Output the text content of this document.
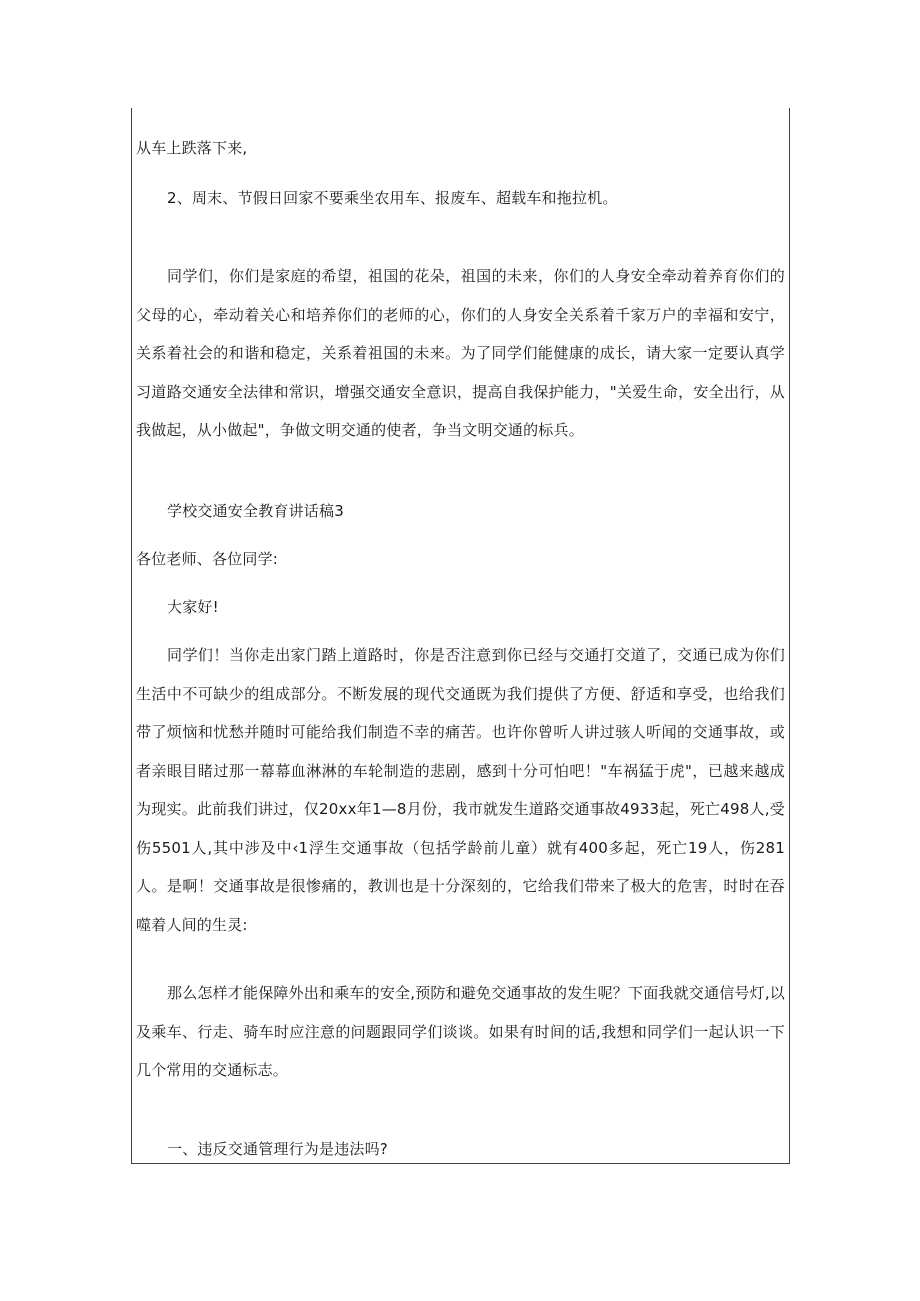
从车上跌落下来,

2、周末、节假日回家不要乘坐农用车、报废车、超载车和拖拉机。

同学们，你们是家庭的希望，祖国的花朵，祖国的未来，你们的人身安全牵动着养育你们的父母的心，牵动着关心和培养你们的老师的心，你们的人身安全关系着千家万户的幸福和安宁，关系着社会的和谐和稳定，关系着祖国的未来。为了同学们能健康的成长，请大家一定要认真学习道路交通安全法律和常识，增强交通安全意识，提高自我保护能力，"关爱生命，安全出行，从我做起，从小做起"，争做文明交通的使者，争当文明交通的标兵。

学校交通安全教育讲话稿3

各位老师、各位同学:

大家好!

同学们！当你走出家门踏上道路时，你是否注意到你已经与交通打交道了，交通已成为你们生活中不可缺少的组成部分。不断发展的现代交通既为我们提供了方便、舒适和享受，也给我们带了烦恼和忧愁并随时可能给我们制造不幸的痛苦。也许你曾听人讲过骇人听闻的交通事故，或者亲眼目睹过那一幕幕血淋淋的车轮制造的悲剧，感到十分可怕吧！"车祸猛于虎"，已越来越成为现实。此前我们讲过，仅20xx年1—8月份，我市就发生道路交通事故4933起，死亡498人,受伤5501人,其中涉及中‹1浮生交通事故（包括学龄前儿童）就有400多起，死亡19人，伤281人。是啊！交通事故是很惨痛的，教训也是十分深刻的，它给我们带来了极大的危害，时时在吞噬着人间的生灵:

那么怎样才能保障外出和乘车的安全,预防和避免交通事故的发生呢？下面我就交通信号灯,以及乘车、行走、骑车时应注意的问题跟同学们谈谈。如果有时间的话,我想和同学们一起认识一下几个常用的交通标志。

一、违反交通管理行为是违法吗?
